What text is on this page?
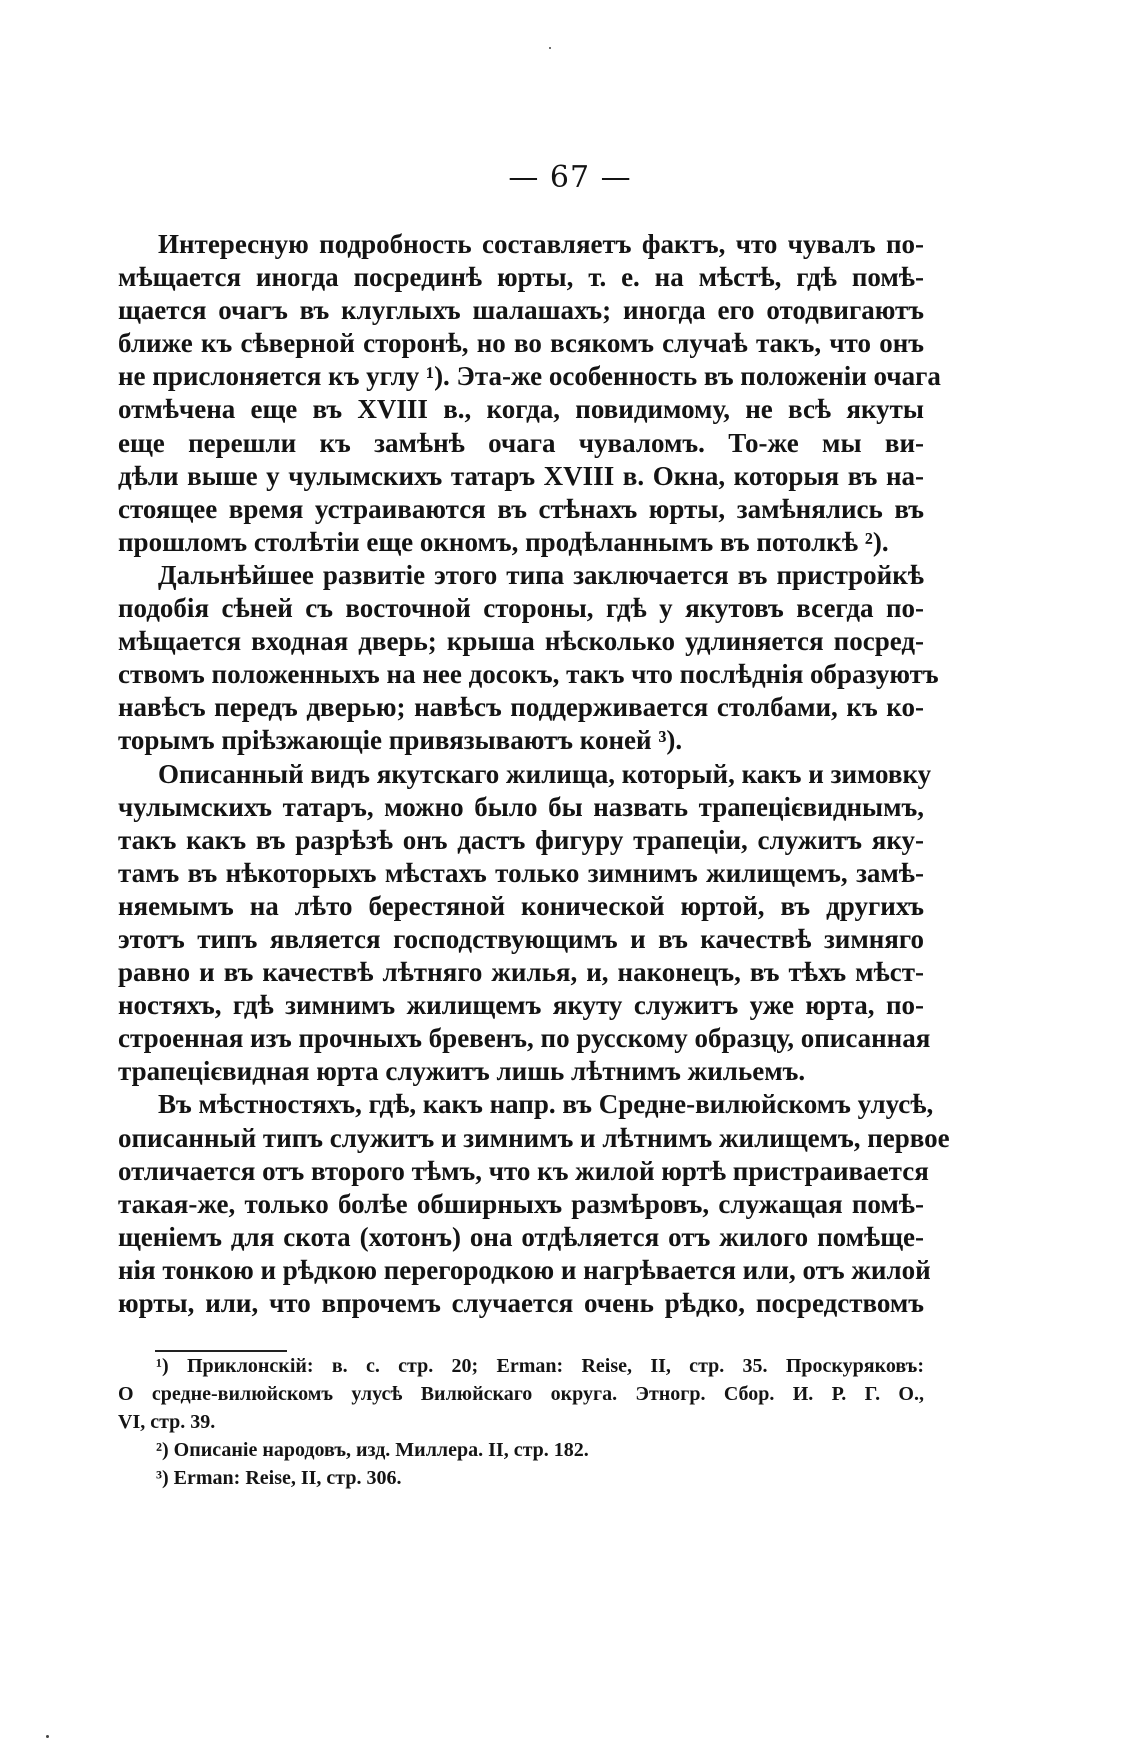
— 67 —
Интересную подробность составляетъ фактъ, что чувалъ по-
мѣщается иногда посрединѣ юрты, т. е. на мѣстѣ, гдѣ помѣ-
щается очагъ въ клуглыхъ шалашахъ; иногда его отодвигаютъ
ближе къ сѣверной сторонѣ, но во всякомъ случаѣ такъ, что онъ
не прислоняется къ углу ¹). Эта-же особенность въ положеніи очага
отмѣчена еще въ XVIII в., когда, повидимому, не всѣ якуты
еще перешли къ замѣнѣ очага чуваломъ. То-же мы ви-
дѣли выше у чулымскихъ татаръ XVIII в. Окна, которыя въ на-
стоящее время устраиваются въ стѣнахъ юрты, замѣнялись въ
прошломъ столѣтіи еще окномъ, продѣланнымъ въ потолкѣ ²).
Дальнѣйшее развитіе этого типа заключается въ пристройкѣ
подобія сѣней съ восточной стороны, гдѣ у якутовъ всегда по-
мѣщается входная дверь; крыша нѣсколько удлиняется посред-
ствомъ положенныхъ на нее досокъ, такъ что послѣднія образуютъ
навѣсъ передъ дверью; навѣсъ поддерживается столбами, къ ко-
торымъ пріѣзжающіе привязываютъ коней ³).
Описанный видъ якутскаго жилища, который, какъ и зимовку
чулымскихъ татаръ, можно было бы назвать трапецієвиднымъ,
такъ какъ въ разрѣзѣ онъ дастъ фигуру трапеціи, служитъ яку-
тамъ въ нѣкоторыхъ мѣстахъ только зимнимъ жилищемъ, замѣ-
няемымъ на лѣто берестяной конической юртой, въ другихъ
этотъ типъ является господствующимъ и въ качествѣ зимняго
равно и въ качествѣ лѣтняго жилья, и, наконецъ, въ тѣхъ мѣст-
ностяхъ, гдѣ зимнимъ жилищемъ якуту служитъ уже юрта, по-
строенная изъ прочныхъ бревенъ, по русскому образцу, описанная
трапецієвидная юрта служитъ лишь лѣтнимъ жильемъ.
Въ мѣстностяхъ, гдѣ, какъ напр. въ Средне-вилюйскомъ улусѣ,
описанный типъ служитъ и зимнимъ и лѣтнимъ жилищемъ, первое
отличается отъ второго тѣмъ, что къ жилой юртѣ пристраивается
такая-же, только болѣе обширныхъ размѣровъ, служащая помѣ-
щеніемъ для скота (хотонъ) она отдѣляется отъ жилого помѣще-
нія тонкою и рѣдкою перегородкою и нагрѣвается или, отъ жилой
юрты, или, что впрочемъ случается очень рѣдко, посредствомъ
¹) Приклонскій: в. с. стр. 20; Erman: Reise, II, стр. 35. Проскуряковъ:
О средне-вилюйскомъ улусѣ Вилюйскаго округа. Этногр. Сбор. И. Р. Г. О.,
VI, стр. 39.
²) Описаніе народовъ, изд. Миллера. II, стр. 182.
³) Erman: Reise, II, стр. 306.
